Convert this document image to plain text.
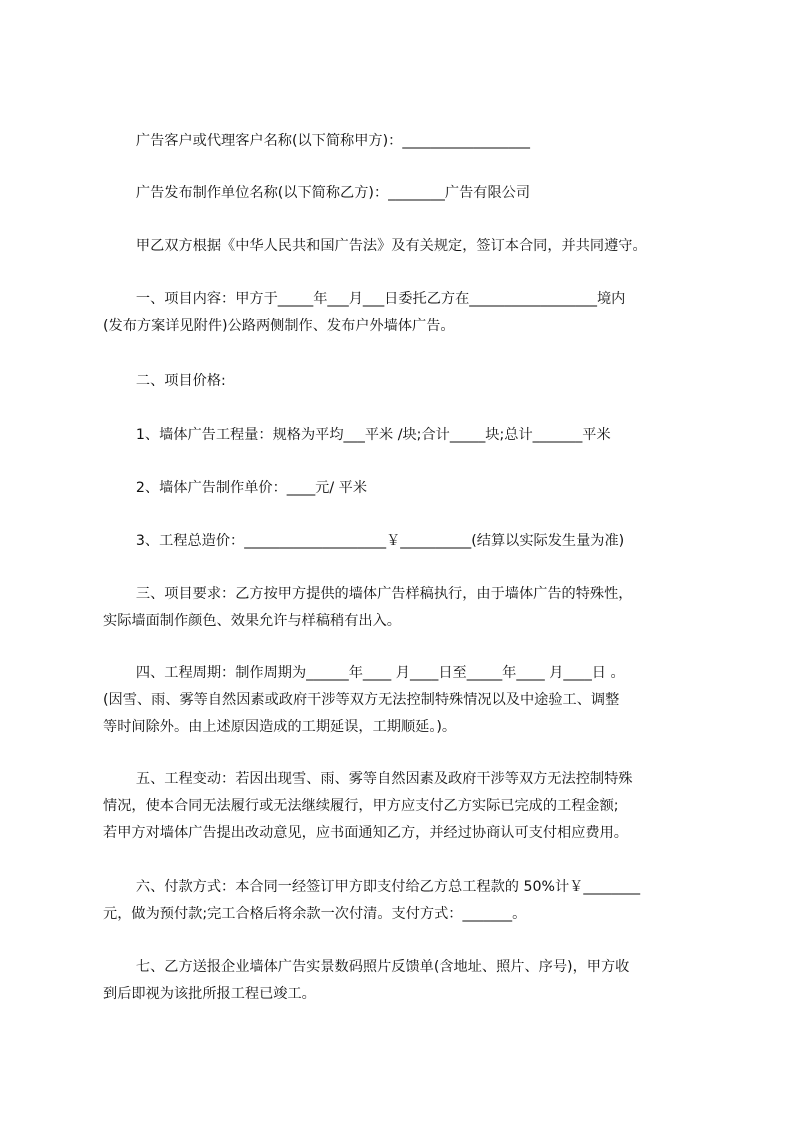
　　 广告客户或代理客户名称(以下简称甲方)：__________________
　　 广告发布制作单位名称(以下简称乙方)：________广告有限公司
　　 甲乙双方根据《中华人民共和国广告法》及有关规定，签订本合同，并共同遵守。
　　 一、项目内容：甲方于_____年___月___日委托乙方在__________________境内
(发布方案详见附件)公路两侧制作、发布户外墙体广告。
　　 二、项目价格:
　　 1、墙体广告工程量：规格为平均___平米 /块;合计_____块;总计_______平米
　　 2、墙体广告制作单价：____元/ 平米
　　 3、工程总造价：____________________￥__________(结算以实际发生量为准)
　　 三、项目要求：乙方按甲方提供的墙体广告样稿执行，由于墙体广告的特殊性，
实际墙面制作颜色、效果允许与样稿稍有出入。
　　 四、工程周期：制作周期为______年____ 月____日至_____年____ 月____日 。
(因雪、雨、雾等自然因素或政府干涉等双方无法控制特殊情况以及中途验工、调整
等时间除外。由上述原因造成的工期延误，工期顺延。)。
　　 五、工程变动：若因出现雪、雨、雾等自然因素及政府干涉等双方无法控制特殊
情况，使本合同无法履行或无法继续履行，甲方应支付乙方实际已完成的工程金额;
若甲方对墙体广告提出改动意见，应书面通知乙方，并经过协商认可支付相应费用。
　　 六、付款方式：本合同一经签订甲方即支付给乙方总工程款的 50%计￥________
元，做为预付款;完工合格后将余款一次付清。支付方式：_______。
　　 七、乙方送报企业墙体广告实景数码照片反馈单(含地址、照片、序号)，甲方收
到后即视为该批所报工程已竣工。
